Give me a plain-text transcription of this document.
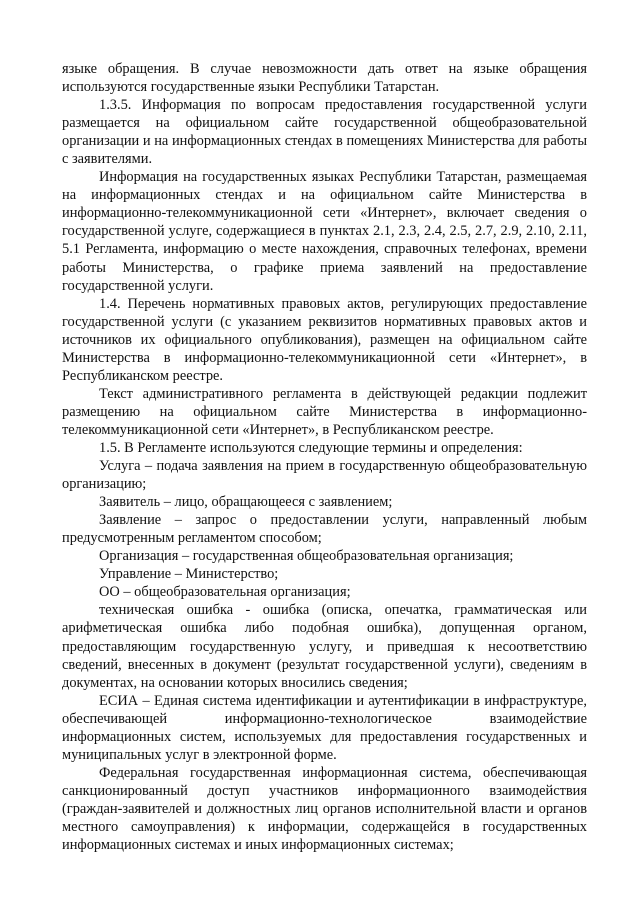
языке обращения. В случае невозможности дать ответ на языке обращения используются государственные языки Республики Татарстан.

1.3.5. Информация по вопросам предоставления государственной услуги размещается на официальном сайте государственной общеобразовательной организации и на информационных стендах в помещениях Министерства для работы с заявителями.

Информация на государственных языках Республики Татарстан, размещаемая на информационных стендах и на официальном сайте Министерства в информационно-телекоммуникационной сети «Интернет», включает сведения о государственной услуге, содержащиеся в пунктах 2.1, 2.3, 2.4, 2.5, 2.7, 2.9, 2.10, 2.11, 5.1 Регламента, информацию о месте нахождения, справочных телефонах, времени работы Министерства, о графике приема заявлений на предоставление государственной услуги.

1.4. Перечень нормативных правовых актов, регулирующих предоставление государственной услуги (с указанием реквизитов нормативных правовых актов и источников их официального опубликования), размещен на официальном сайте Министерства в информационно-телекоммуникационной сети «Интернет», в Республиканском реестре.

Текст административного регламента в действующей редакции подлежит размещению на официальном сайте Министерства в информационно-телекоммуникационной сети «Интернет», в Республиканском реестре.

1.5. В Регламенте используются следующие термины и определения:

Услуга – подача заявления на прием в государственную общеобразовательную организацию;

Заявитель – лицо, обращающееся с заявлением;

Заявление – запрос о предоставлении услуги, направленный любым предусмотренным регламентом способом;

Организация – государственная общеобразовательная организация;

Управление – Министерство;

ОО – общеобразовательная организация;

техническая ошибка - ошибка (описка, опечатка, грамматическая или арифметическая ошибка либо подобная ошибка), допущенная органом, предоставляющим государственную услугу, и приведшая к несоответствию сведений, внесенных в документ (результат государственной услуги), сведениям в документах, на основании которых вносились сведения;

ЕСИА – Единая система идентификации и аутентификации в инфраструктуре, обеспечивающей информационно-технологическое взаимодействие информационных систем, используемых для предоставления государственных и муниципальных услуг в электронной форме.

Федеральная государственная информационная система, обеспечивающая санкционированный доступ участников информационного взаимодействия (граждан-заявителей и должностных лиц органов исполнительной власти и органов местного самоуправления) к информации, содержащейся в государственных информационных системах и иных информационных системах;
